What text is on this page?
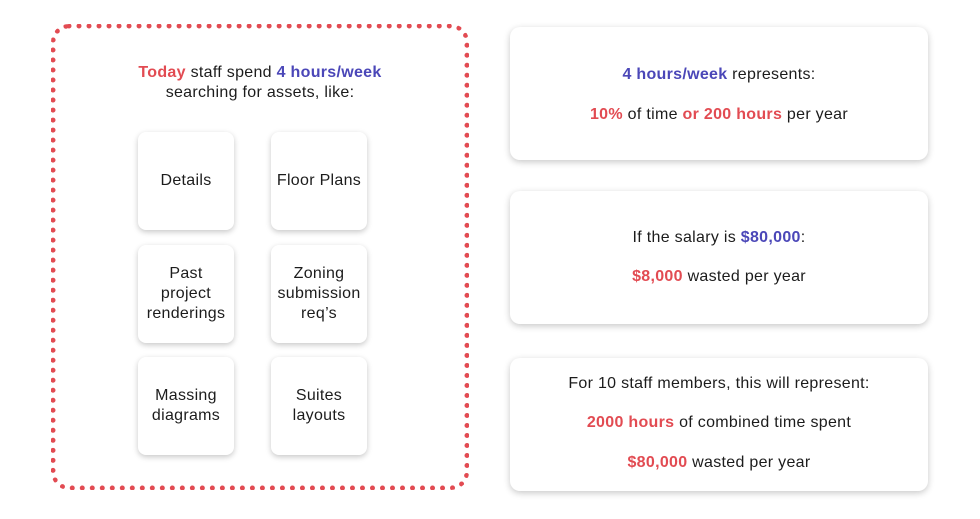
Today staff spend 4 hours/week
searching for assets, like:
Details	Floor Plans
Past
project
renderings
Zoning
submission
req’s
Massing
diagrams
Suites
layouts
4 hours/week represents:
10% of time or 200 hours per year
If the salary is $80,000:
$8,000 wasted per year
For 10 staff members, this will represent:
2000 hours of combined time spent
$80,000 wasted per year
